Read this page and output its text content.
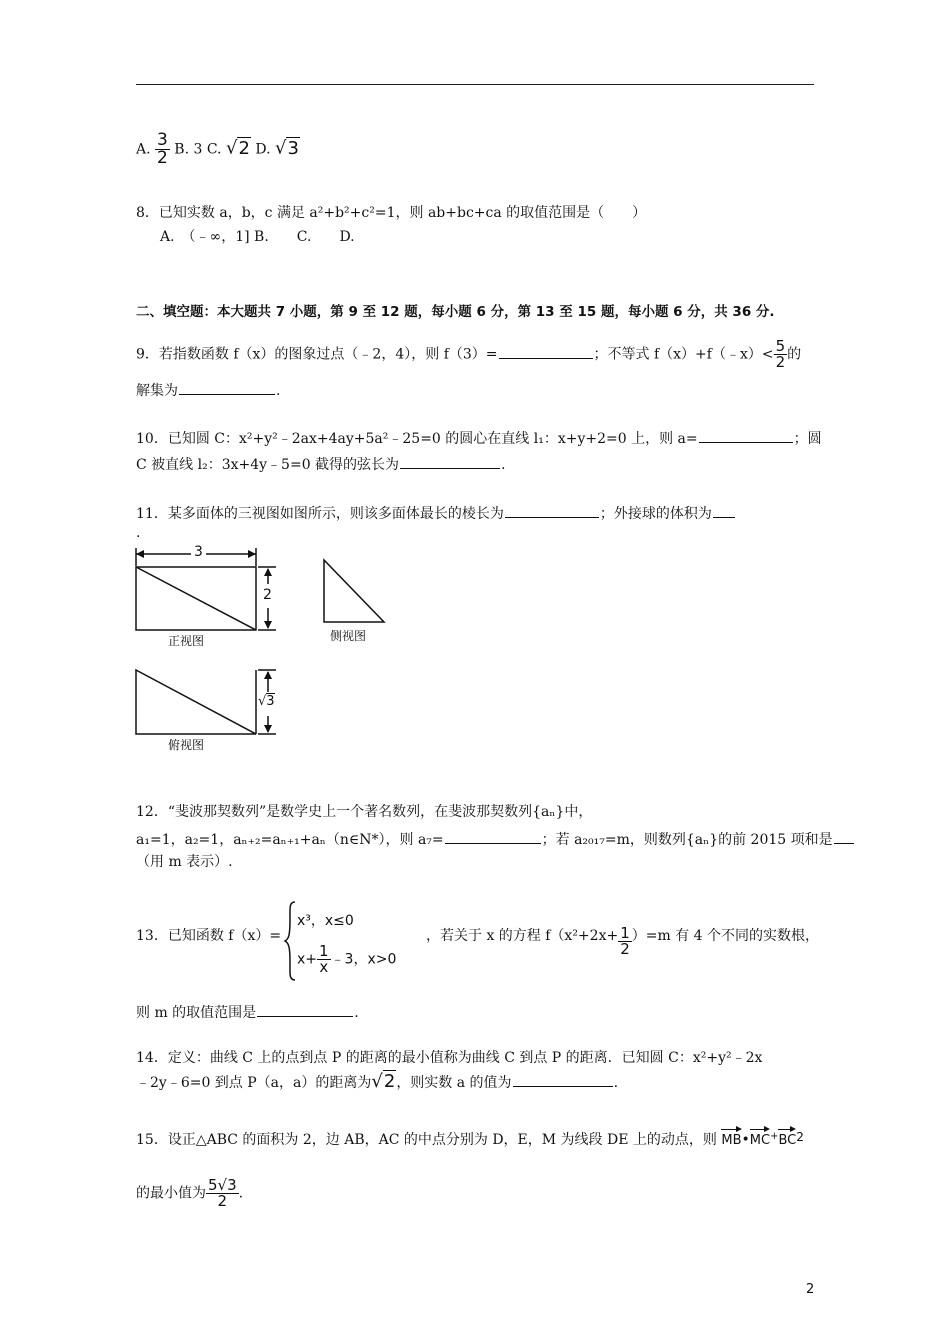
A. $\frac{3}{2} B$. 3 C. √2 D. √3
8．已知实数 a，b，c 满足 a²+b²+c²=1，则 ab+bc+ca 的取值范围是（　　）
A.　（﹣∞，1] B.　　C.　　D.
二、填空题：本大题共 7 小题，第 9 至 12 题，每小题 6 分，第 13 至 15 题，每小题 6 分，共 36 分.
9．若指数函数 f（x）的图象过点（﹣2，4），则 f（3）=	；不等式 f（x）+f（﹣x）< $\frac{5}{2}$ 的
解集为	.
10．已知圆 C：x²+y²﹣2ax+4ay+5a²﹣25=0 的圆心在直线 l₁：x+y+2=0 上，则 a=	；圆
C 被直线 l₂：3x+4y﹣5=0 截得的弦长为	.
11．某多面体的三视图如图所示，则该多面体最长的棱长为	；外接球的体积为
.
3
2
√3
正视图	侧视图
俯视图
12．“斐波那契数列”是数学史上一个著名数列，在斐波那契数列{aₙ}中，
a₁=1，a₂=1，aₙ₊₂=aₙ₊₁+aₙ（n∈N*），则 a₇=	；若 a₂₀₁₇=m，则数列{aₙ}的前 2015 项和是
（用 m 表示）.
13．已知函数 f（x）=
x³，x≤0
$x+ \frac{1}{x}$ ﹣3，x>0
，若关于 x 的方程 $f(x^2+2x+ \frac{1}{2} )=m$ 有 4 个不同的实数根，
则 m 的取值范围是	.
14．定义：曲线 C 上的点到点 P 的距离的最小值称为曲线 C 到点 P 的距离．已知圆 C：x²+y²﹣2x
﹣2y﹣6=0 到点 P（a，a）的距离为√2，则实数 a 的值为	.
15．设正△ABC 的面积为 2，边 AB，AC 的中点分别为 D，E，M 为线段 DE 上的动点，则 MB•MC+BC2
的最小值为 $\frac{5√3}{2}$ .
2
